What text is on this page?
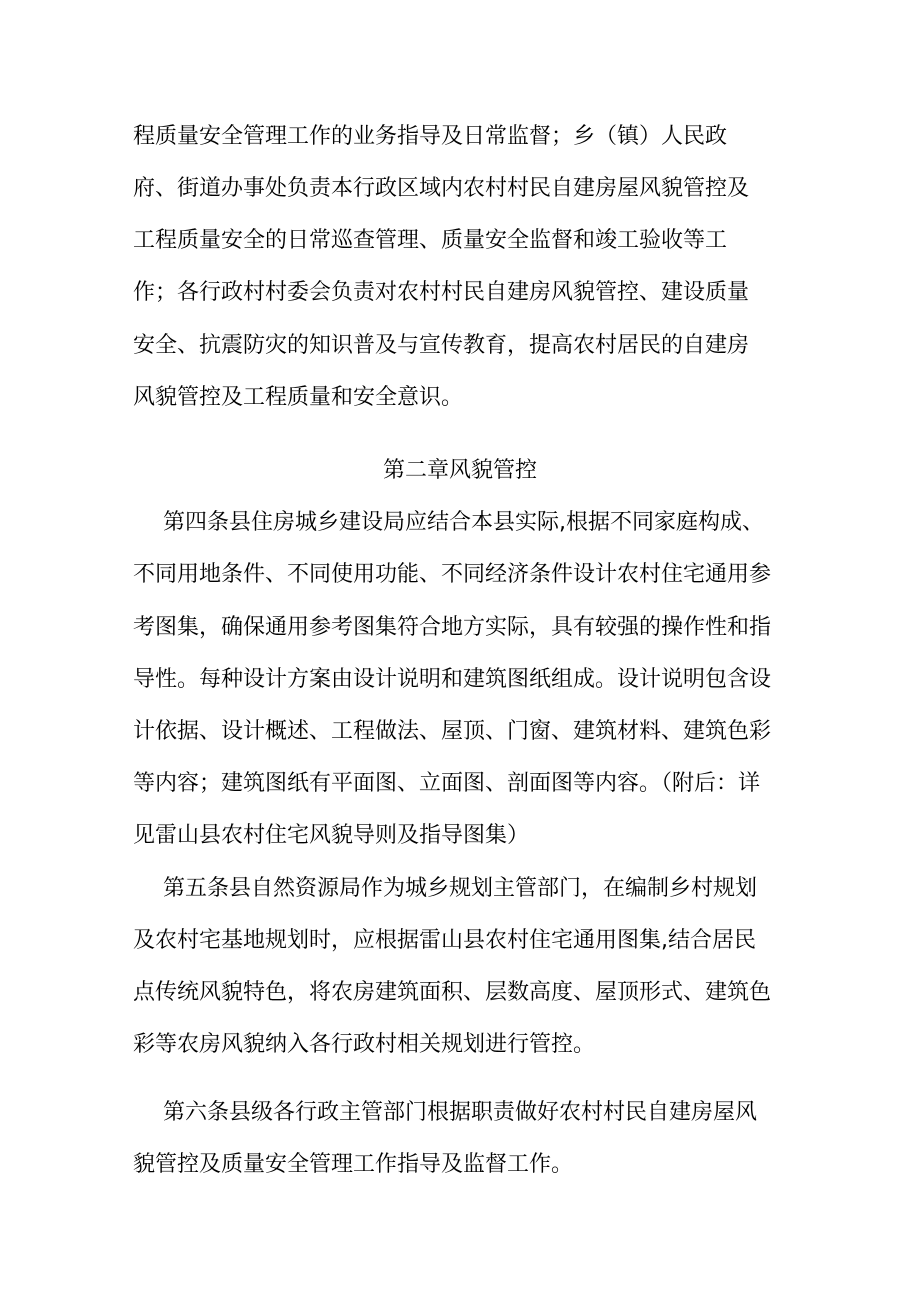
程质量安全管理工作的业务指导及日常监督；乡（镇）人民政
府、街道办事处负责本行政区域内农村村民自建房屋风貌管控及
工程质量安全的日常巡查管理、质量安全监督和竣工验收等工
作；各行政村村委会负责对农村村民自建房风貌管控、建设质量
安全、抗震防灾的知识普及与宣传教育，提高农村居民的自建房
风貌管控及工程质量和安全意识。
第二章风貌管控
第四条县住房城乡建设局应结合本县实际,根据不同家庭构成、
不同用地条件、不同使用功能、不同经济条件设计农村住宅通用参
考图集，确保通用参考图集符合地方实际，具有较强的操作性和指
导性。每种设计方案由设计说明和建筑图纸组成。设计说明包含设
计依据、设计概述、工程做法、屋顶、门窗、建筑材料、建筑色彩
等内容；建筑图纸有平面图、立面图、剖面图等内容。（附后：详
见雷山县农村住宅风貌导则及指导图集）
第五条县自然资源局作为城乡规划主管部门，在编制乡村规划
及农村宅基地规划时，应根据雷山县农村住宅通用图集,结合居民
点传统风貌特色，将农房建筑面积、层数高度、屋顶形式、建筑色
彩等农房风貌纳入各行政村相关规划进行管控。
第六条县级各行政主管部门根据职责做好农村村民自建房屋风
貌管控及质量安全管理工作指导及监督工作。
